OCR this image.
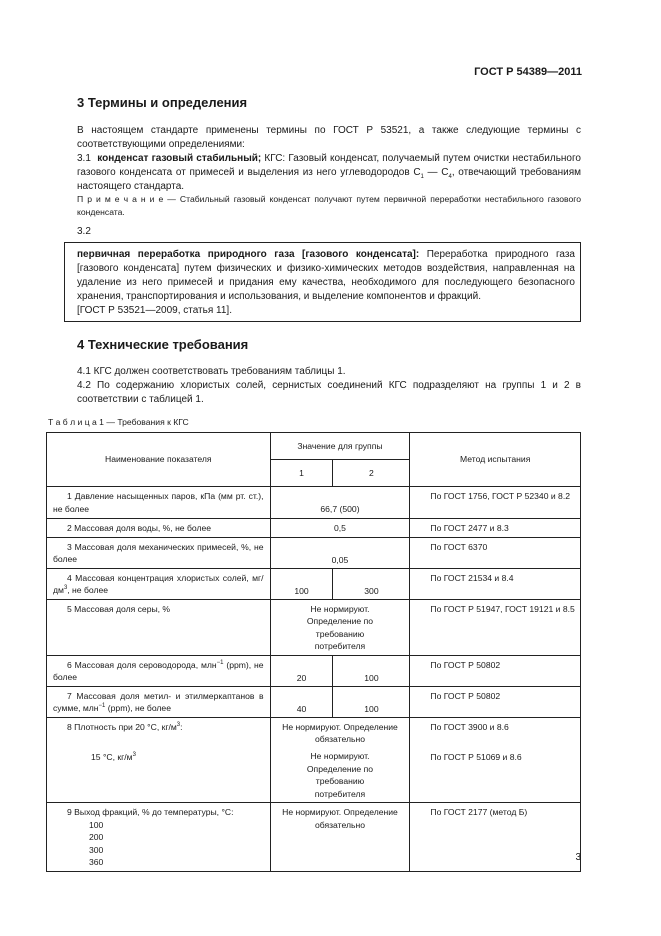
ГОСТ Р 54389—2011
3 Термины и определения
В настоящем стандарте применены термины по ГОСТ Р 53521, а также следующие термины с соответствующими определениями:
3.1 конденсат газовый стабильный; КГС: Газовый конденсат, получаемый путем очистки нестабильного газового конденсата от примесей и выделения из него углеводородов $С_1$ — $С_4$, отвечающий требованиям настоящего стандарта.
П р и м е ч а н и е — Стабильный газовый конденсат получают путем первичной переработки нестабильного газового конденсата.
3.2
первичная переработка природного газа [газового конденсата]: Переработка природного газа [газового конденсата] путем физических и физико-химических методов воздействия, направленная на удаление из него примесей и придания ему качества, необходимого для последующего безопасного хранения, транспортирования и использования, и выделение компонентов и фракций.
[ГОСТ Р 53521—2009, статья 11].
4 Технические требования
4.1 КГС должен соответствовать требованиям таблицы 1.
4.2 По содержанию хлористых солей, сернистых соединений КГС подразделяют на группы 1 и 2 в соответствии с таблицей 1.
Т а б л и ц а 1 — Требования к КГС
Наименование показателя	Значение для группы		Метод испытания
	1	2	

1 Давление насыщенных паров, кПа (мм рт. ст.), не более	66,7 (500)		По ГОСТ 1756, ГОСТ Р 52340 и 8.2

2 Массовая доля воды, %, не более	0,5		По ГОСТ 2477 и 8.3

3 Массовая доля механических примесей, %, не более	0,05		По ГОСТ 6370

4 Массовая концентрация хлористых солей, $мг/дм^3$, не более	100	300	По ГОСТ 21534 и 8.4

5 Массовая доля серы, %	Не нормируют. Определение по требованию потребителя		По ГОСТ Р 51947, ГОСТ 19121 и 8.5

6 Массовая доля сероводорода, млн$^{-1}$ (ppm), не более	20	100	По ГОСТ Р 50802

7 Массовая доля метил- и этилмеркаптанов в сумме, млн$^{-1}$ (ppm), не более	40	100	По ГОСТ Р 50802

8 Плотность при 20 °С, $кг/м^3$:	Не нормируют. Определение обязательно		По ГОСТ 3900 и 8.6

15 °С, $кг/м^3$	Не нормируют. Определение по требованию потребителя		По ГОСТ Р 51069 и 8.6

9 Выход фракций, % до температуры, °С:
100
200
300
360	Не нормируют. Определение обязательно		По ГОСТ 2177 (метод Б)
3
